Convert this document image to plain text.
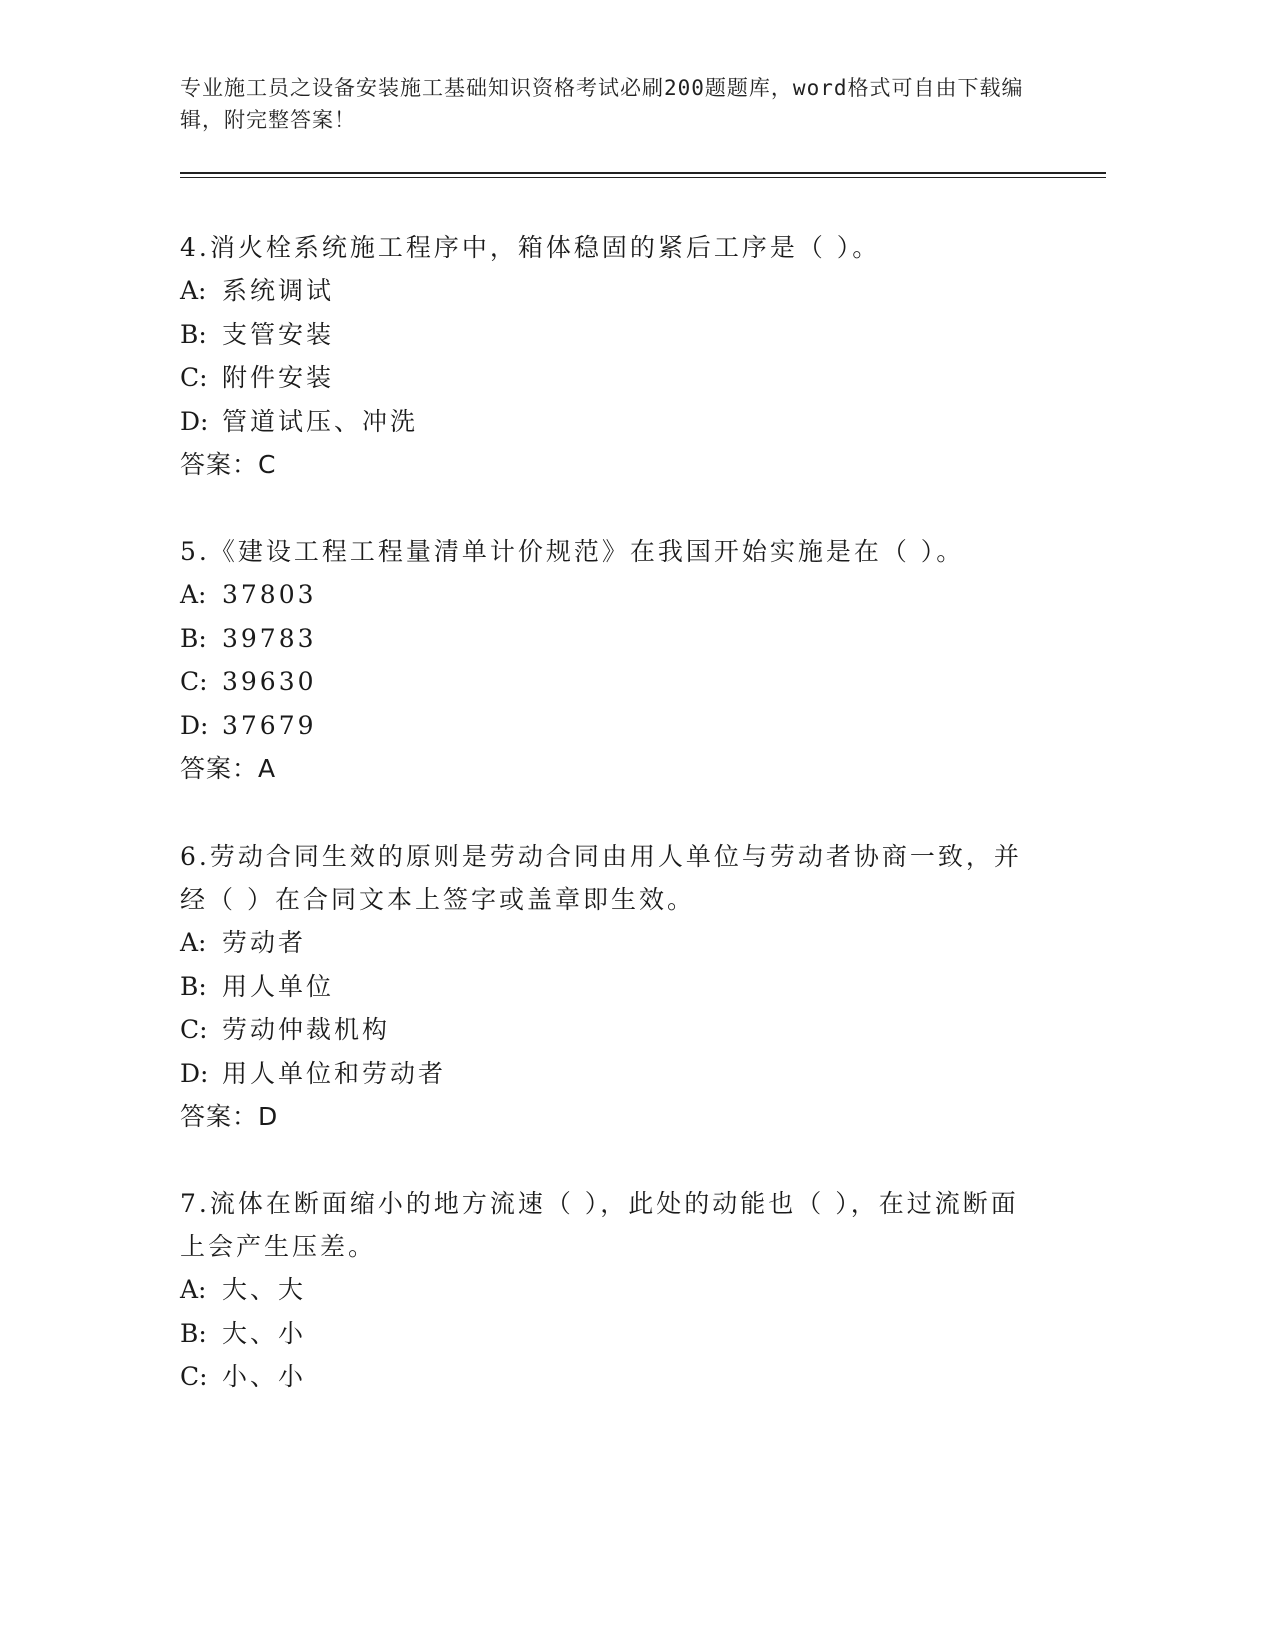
专业施工员之设备安装施工基础知识资格考试必刷200题题库，word格式可自由下载编辑，附完整答案！

4.消火栓系统施工程序中，箱体稳固的紧后工序是（ ）。

A: 系统调试

B: 支管安装

C: 附件安装

D: 管道试压、冲洗

答案：C

5.《建设工程工程量清单计价规范》在我国开始实施是在（ ）。

A: 37803

B: 39783

C: 39630

D: 37679

答案：A

6.劳动合同生效的原则是劳动合同由用人单位与劳动者协商一致，并经（ ）在合同文本上签字或盖章即生效。

A: 劳动者

B: 用人单位

C: 劳动仲裁机构

D: 用人单位和劳动者

答案：D

7.流体在断面缩小的地方流速（ ），此处的动能也（ ），在过流断面上会产生压差。

A: 大、大

B: 大、小

C: 小、小
